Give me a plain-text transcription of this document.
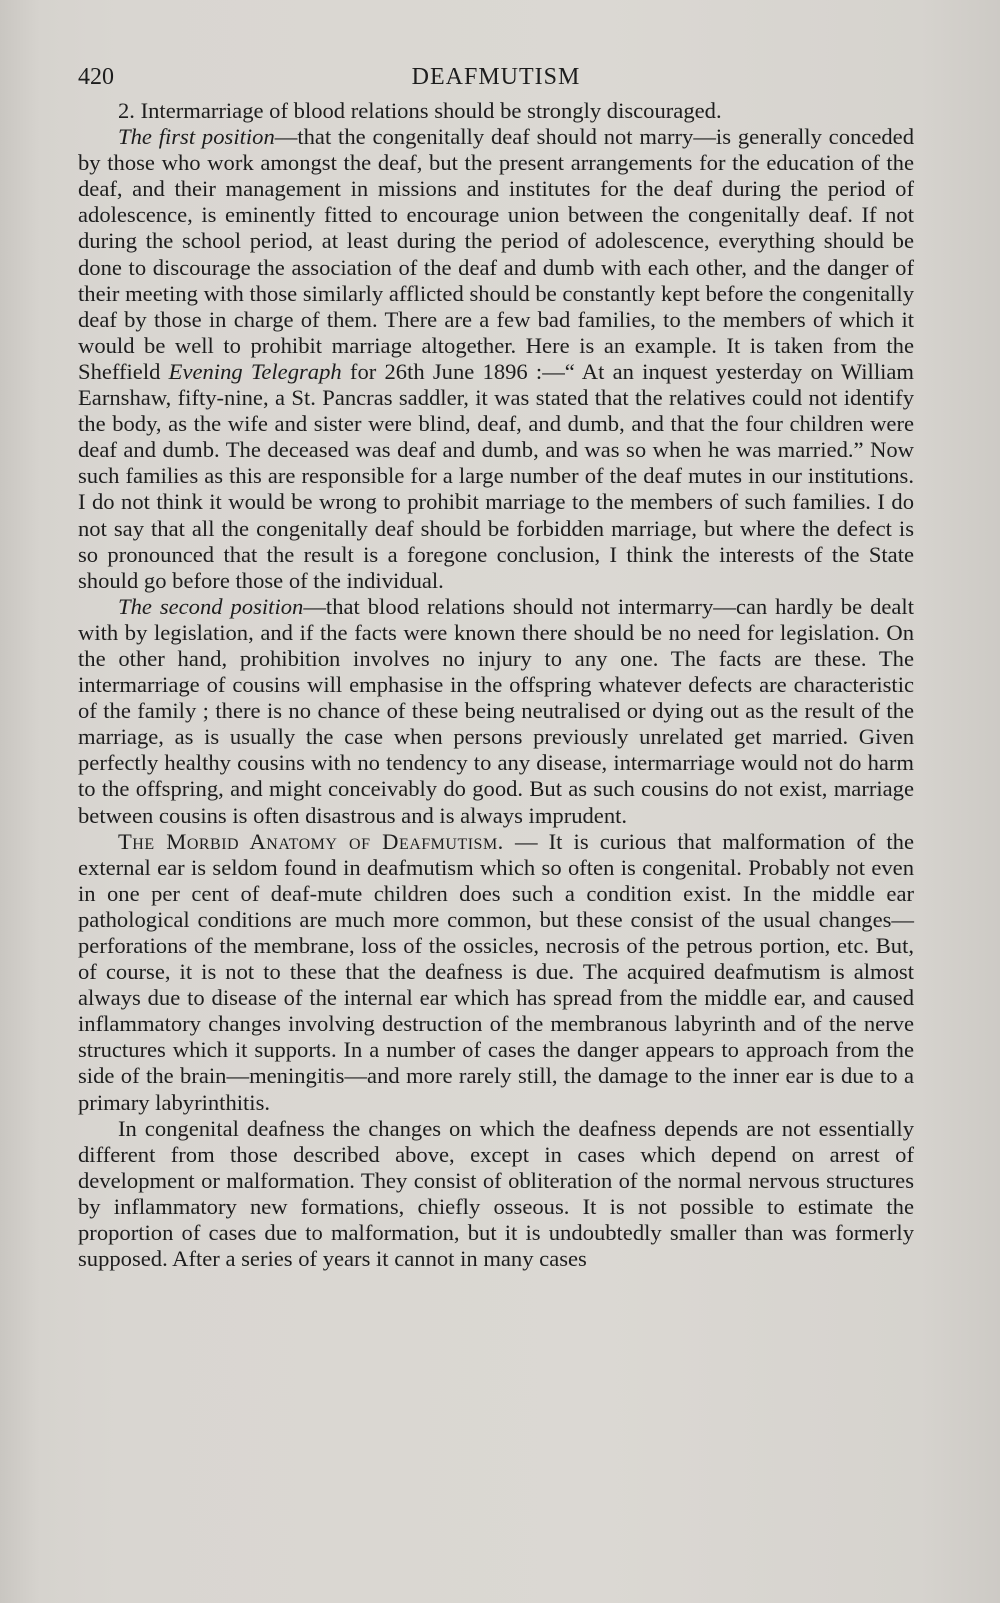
420	DEAFMUTISM

2. Intermarriage of blood relations should be strongly discouraged.

The first position—that the congenitally deaf should not marry—is generally conceded by those who work amongst the deaf, but the present arrangements for the education of the deaf, and their management in missions and institutes for the deaf during the period of adolescence, is eminently fitted to encourage union between the congenitally deaf. If not during the school period, at least during the period of adolescence, everything should be done to discourage the association of the deaf and dumb with each other, and the danger of their meeting with those similarly afflicted should be constantly kept before the congenitally deaf by those in charge of them. There are a few bad families, to the members of which it would be well to prohibit marriage altogether. Here is an example. It is taken from the Sheffield Evening Telegraph for 26th June 1896 :—“ At an inquest yesterday on William Earnshaw, fifty-nine, a St. Pancras saddler, it was stated that the relatives could not identify the body, as the wife and sister were blind, deaf, and dumb, and that the four children were deaf and dumb. The deceased was deaf and dumb, and was so when he was married.” Now such families as this are responsible for a large number of the deaf mutes in our institutions. I do not think it would be wrong to prohibit marriage to the members of such families. I do not say that all the congenitally deaf should be forbidden marriage, but where the defect is so pronounced that the result is a foregone conclusion, I think the interests of the State should go before those of the individual.

The second position—that blood relations should not intermarry—can hardly be dealt with by legislation, and if the facts were known there should be no need for legislation. On the other hand, prohibition involves no injury to any one. The facts are these. The intermarriage of cousins will emphasise in the offspring whatever defects are characteristic of the family ; there is no chance of these being neutralised or dying out as the result of the marriage, as is usually the case when persons previously unrelated get married. Given perfectly healthy cousins with no tendency to any disease, intermarriage would not do harm to the offspring, and might conceivably do good. But as such cousins do not exist, marriage between cousins is often disastrous and is always imprudent.

The Morbid Anatomy of Deafmutism. — It is curious that malformation of the external ear is seldom found in deafmutism which so often is congenital. Probably not even in one per cent of deaf-mute children does such a condition exist. In the middle ear pathological conditions are much more common, but these consist of the usual changes—perforations of the membrane, loss of the ossicles, necrosis of the petrous portion, etc. But, of course, it is not to these that the deafness is due. The acquired deafmutism is almost always due to disease of the internal ear which has spread from the middle ear, and caused inflammatory changes involving destruction of the membranous labyrinth and of the nerve structures which it supports. In a number of cases the danger appears to approach from the side of the brain—meningitis—and more rarely still, the damage to the inner ear is due to a primary labyrinthitis.

In congenital deafness the changes on which the deafness depends are not essentially different from those described above, except in cases which depend on arrest of development or malformation. They consist of obliteration of the normal nervous structures by inflammatory new formations, chiefly osseous. It is not possible to estimate the proportion of cases due to malformation, but it is undoubtedly smaller than was formerly supposed. After a series of years it cannot in many cases
